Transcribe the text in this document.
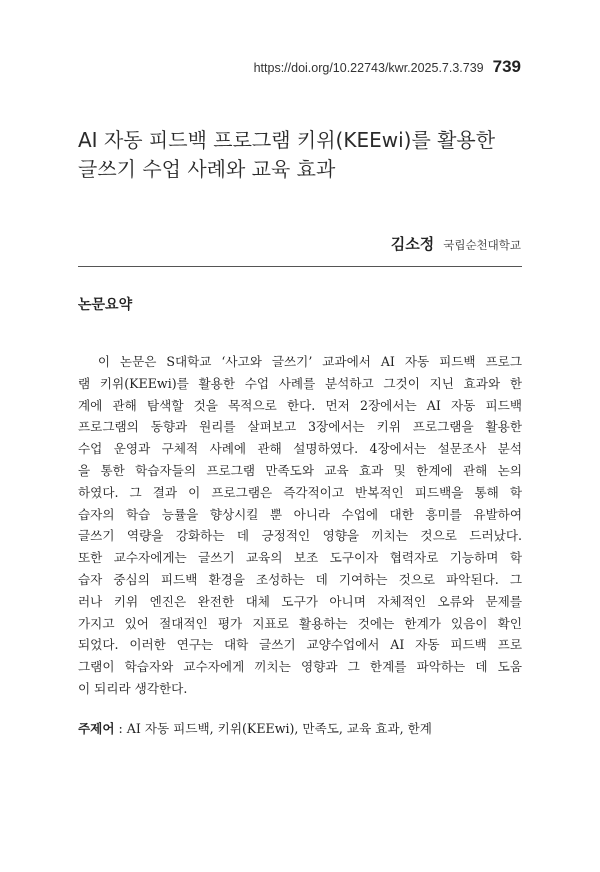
https://doi.org/10.22743/kwr.2025.7.3.739 739
AI 자동 피드백 프로그램 키위(KEEwi)를 활용한
글쓰기 수업 사례와 교육 효과
김소정 국립순천대학교
논문요약
이 논문은 S대학교 ‘사고와 글쓰기’ 교과에서 AI 자동 피드백 프로그
램 키위(KEEwi)를 활용한 수업 사례를 분석하고 그것이 지닌 효과와 한
계에 관해 탐색할 것을 목적으로 한다. 먼저 2장에서는 AI 자동 피드백
프로그램의 동향과 원리를 살펴보고 3장에서는 키위 프로그램을 활용한
수업 운영과 구체적 사례에 관해 설명하였다. 4장에서는 설문조사 분석
을 통한 학습자들의 프로그램 만족도와 교육 효과 및 한계에 관해 논의
하였다. 그 결과 이 프로그램은 즉각적이고 반복적인 피드백을 통해 학
습자의 학습 능률을 향상시킬 뿐 아니라 수업에 대한 흥미를 유발하여
글쓰기 역량을 강화하는 데 긍정적인 영향을 끼치는 것으로 드러났다.
또한 교수자에게는 글쓰기 교육의 보조 도구이자 협력자로 기능하며 학
습자 중심의 피드백 환경을 조성하는 데 기여하는 것으로 파악된다. 그
러나 키위 엔진은 완전한 대체 도구가 아니며 자체적인 오류와 문제를
가지고 있어 절대적인 평가 지표로 활용하는 것에는 한계가 있음이 확인
되었다. 이러한 연구는 대학 글쓰기 교양수업에서 AI 자동 피드백 프로
그램이 학습자와 교수자에게 끼치는 영향과 그 한계를 파악하는 데 도움
이 되리라 생각한다.
주제어 : AI 자동 피드백, 키위(KEEwi), 만족도, 교육 효과, 한계
